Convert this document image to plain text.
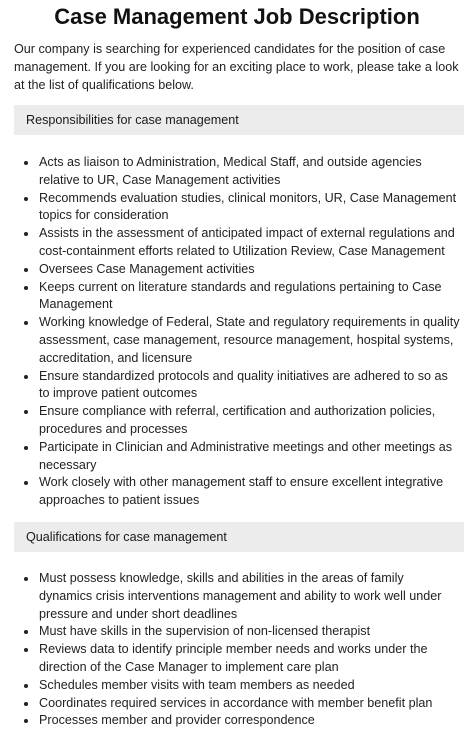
Case Management Job Description

Our company is searching for experienced candidates for the position of case management. If you are looking for an exciting place to work, please take a look at the list of qualifications below.

Responsibilities for case management
• Acts as liaison to Administration, Medical Staff, and outside agencies relative to UR, Case Management activities
• Recommends evaluation studies, clinical monitors, UR, Case Management topics for consideration
• Assists in the assessment of anticipated impact of external regulations and cost-containment efforts related to Utilization Review, Case Management
• Oversees Case Management activities
• Keeps current on literature standards and regulations pertaining to Case Management
• Working knowledge of Federal, State and regulatory requirements in quality assessment, case management, resource management, hospital systems, accreditation, and licensure
• Ensure standardized protocols and quality initiatives are adhered to so as to improve patient outcomes
• Ensure compliance with referral, certification and authorization policies, procedures and processes
• Participate in Clinician and Administrative meetings and other meetings as necessary
• Work closely with other management staff to ensure excellent integrative approaches to patient issues
Qualifications for case management
• Must possess knowledge, skills and abilities in the areas of family dynamics crisis interventions management and ability to work well under pressure and under short deadlines
• Must have skills in the supervision of non-licensed therapist
• Reviews data to identify principle member needs and works under the direction of the Case Manager to implement care plan
• Schedules member visits with team members as needed
• Coordinates required services in accordance with member benefit plan
• Processes member and provider correspondence
